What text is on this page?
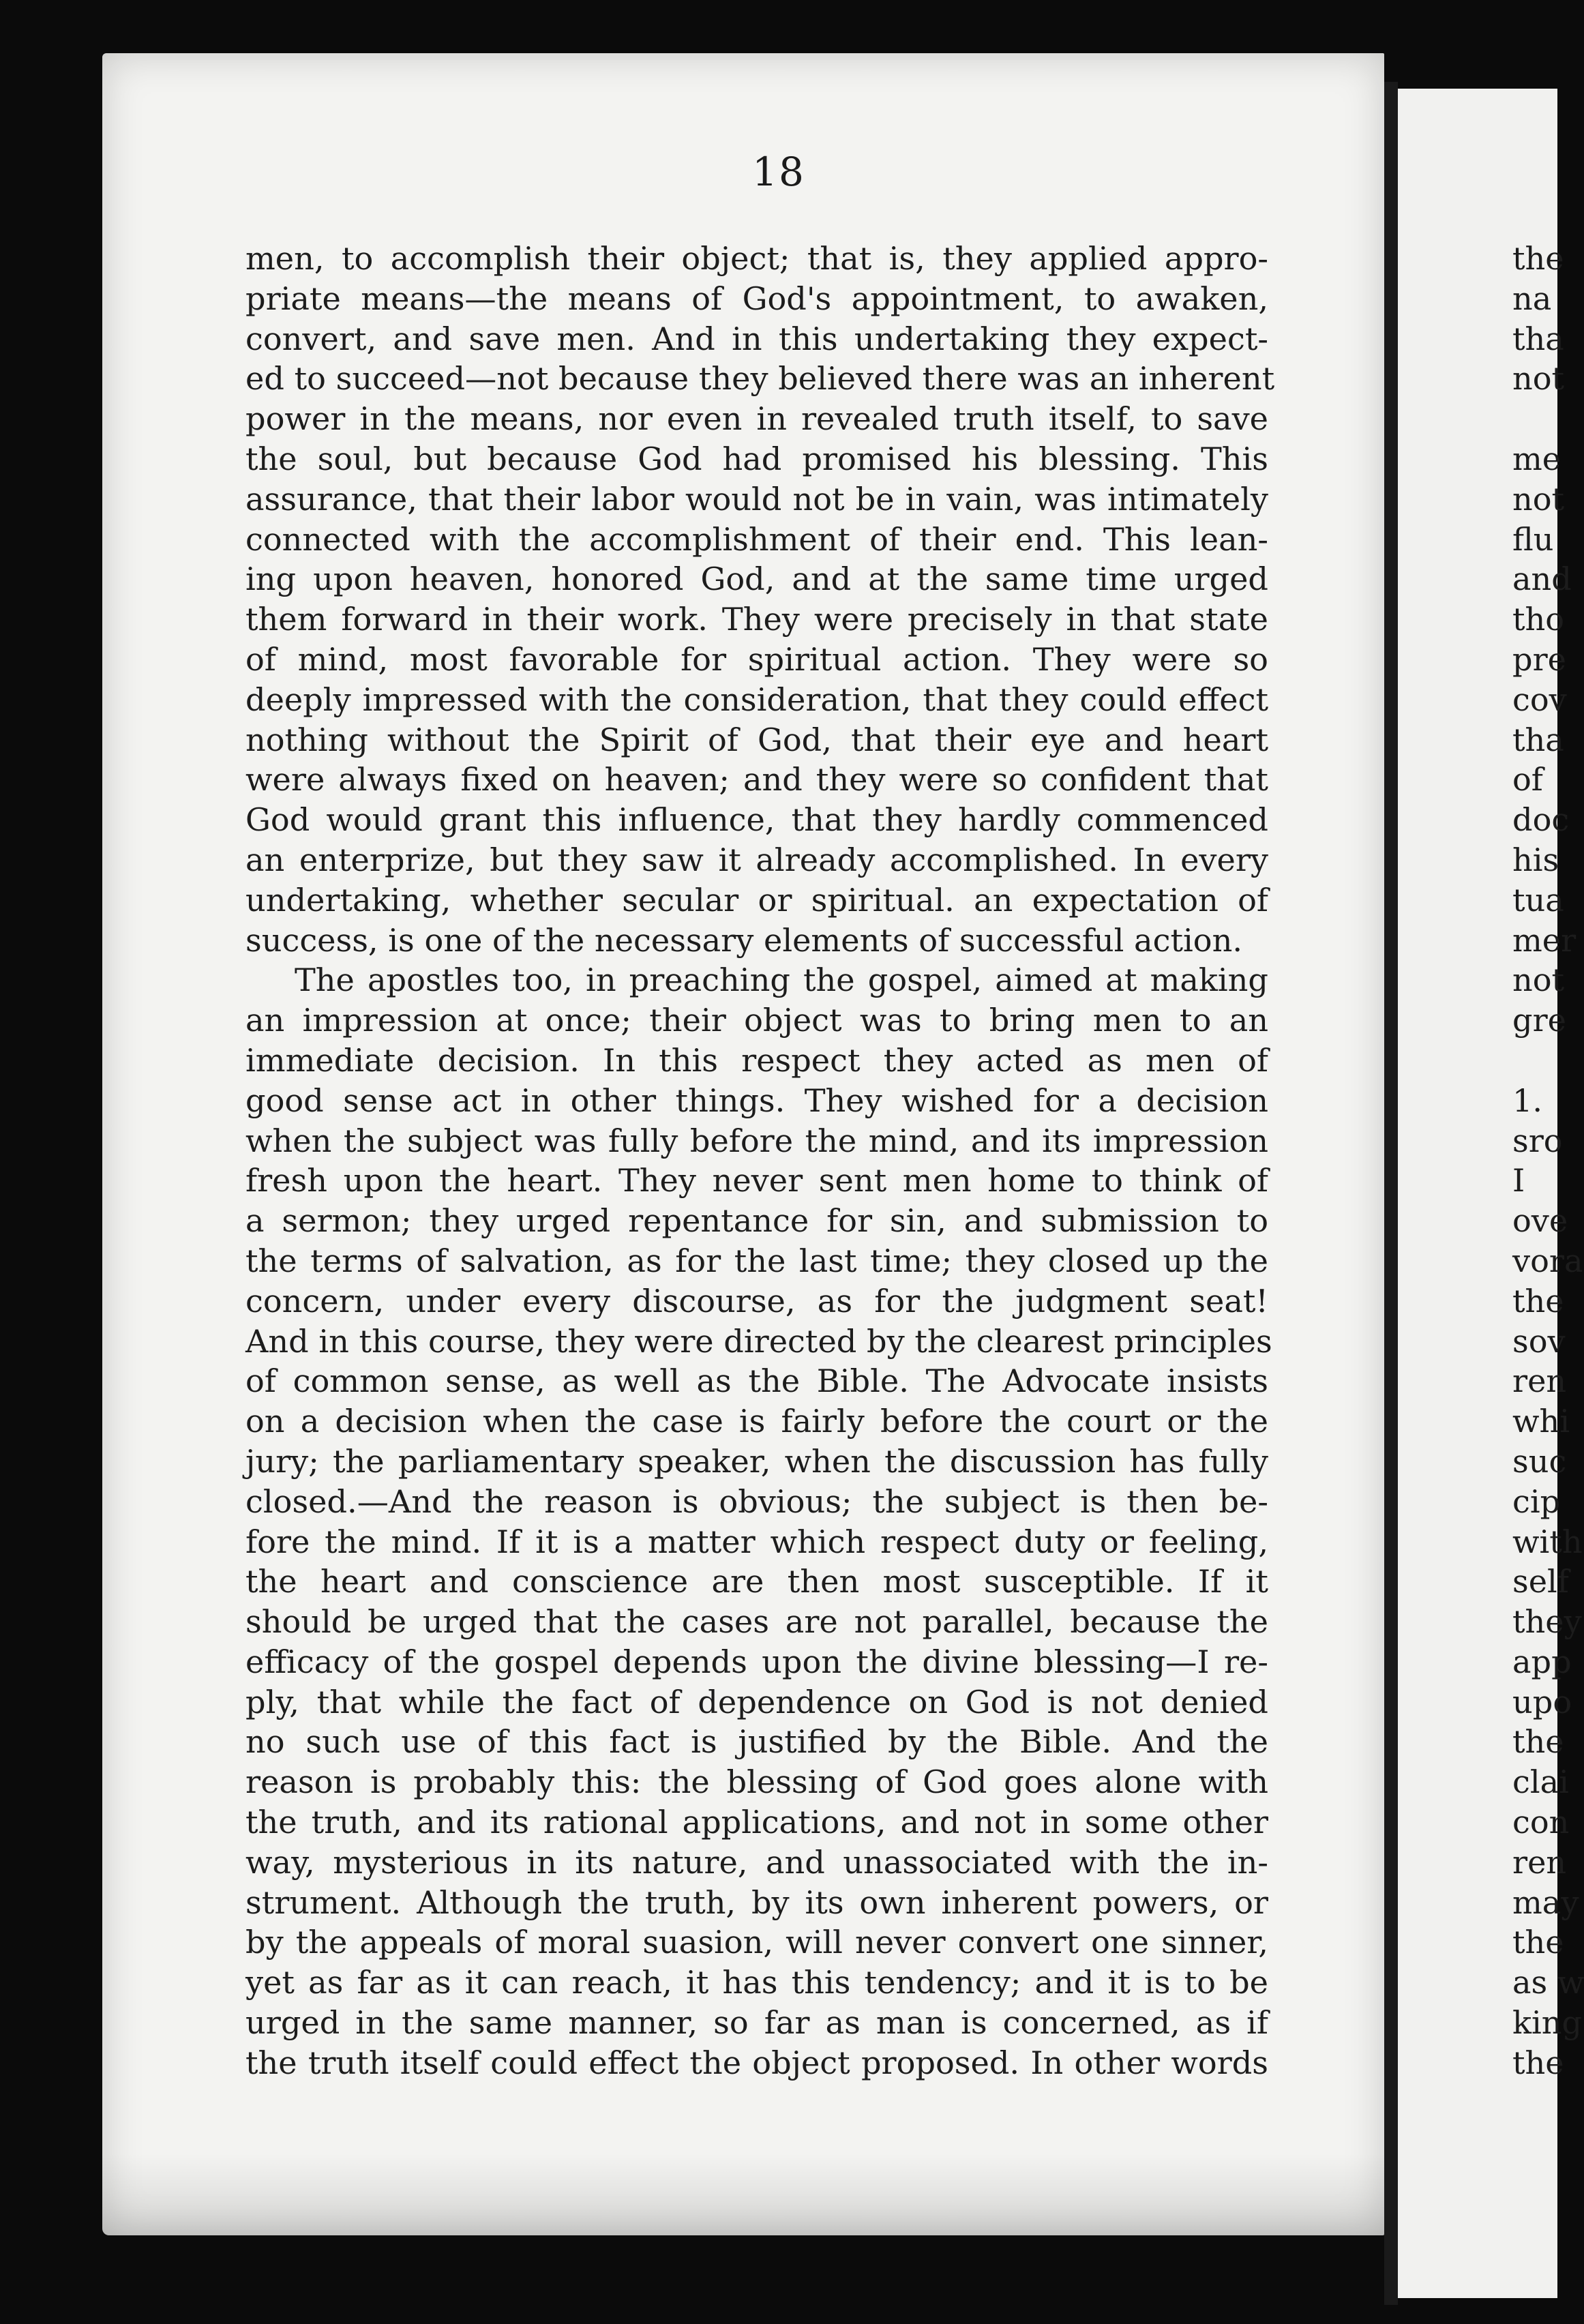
18
men, to accomplish their object; that is, they applied appro-
priate means—the means of God's appointment, to awaken,
convert, and save men. And in this undertaking they expect-
ed to succeed—not because they believed there was an inherent
power in the means, nor even in revealed truth itself, to save
the soul, but because God had promised his blessing. This
assurance, that their labor would not be in vain, was intimately
connected with the accomplishment of their end. This lean-
ing upon heaven, honored God, and at the same time urged
them forward in their work. They were precisely in that state
of mind, most favorable for spiritual action. They were so
deeply impressed with the consideration, that they could effect
nothing without the Spirit of God, that their eye and heart
were always fixed on heaven; and they were so confident that
God would grant this influence, that they hardly commenced
an enterprize, but they saw it already accomplished. In every
undertaking, whether secular or spiritual. an expectation of
success, is one of the necessary elements of successful action.
The apostles too, in preaching the gospel, aimed at making
an impression at once; their object was to bring men to an
immediate decision. In this respect they acted as men of
good sense act in other things. They wished for a decision
when the subject was fully before the mind, and its impression
fresh upon the heart. They never sent men home to think of
a sermon; they urged repentance for sin, and submission to
the terms of salvation, as for the last time; they closed up the
concern, under every discourse, as for the judgment seat!
And in this course, they were directed by the clearest principles
of common sense, as well as the Bible. The Advocate insists
on a decision when the case is fairly before the court or the
jury; the parliamentary speaker, when the discussion has fully
closed.—And the reason is obvious; the subject is then be-
fore the mind. If it is a matter which respect duty or feeling,
the heart and conscience are then most susceptible. If it
should be urged that the cases are not parallel, because the
efficacy of the gospel depends upon the divine blessing—I re-
ply, that while the fact of dependence on God is not denied
no such use of this fact is justified by the Bible. And the
reason is probably this: the blessing of God goes alone with
the truth, and its rational applications, and not in some other
way, mysterious in its nature, and unassociated with the in-
strument. Although the truth, by its own inherent powers, or
by the appeals of moral suasion, will never convert one sinner,
yet as far as it can reach, it has this tendency; and it is to be
urged in the same manner, so far as man is concerned, as if
the truth itself could effect the object proposed. In other words
the
na
tha
not

me
not
flu
and
tho
pre
cov
tha
of
doc
his
tua
mer
not
gre

1.
sro
I
ove
vora
the
sov
ren
whi
suc
cip
with
self
they
app
upo
the
clai
con
ren
may
the
as w
king
the
